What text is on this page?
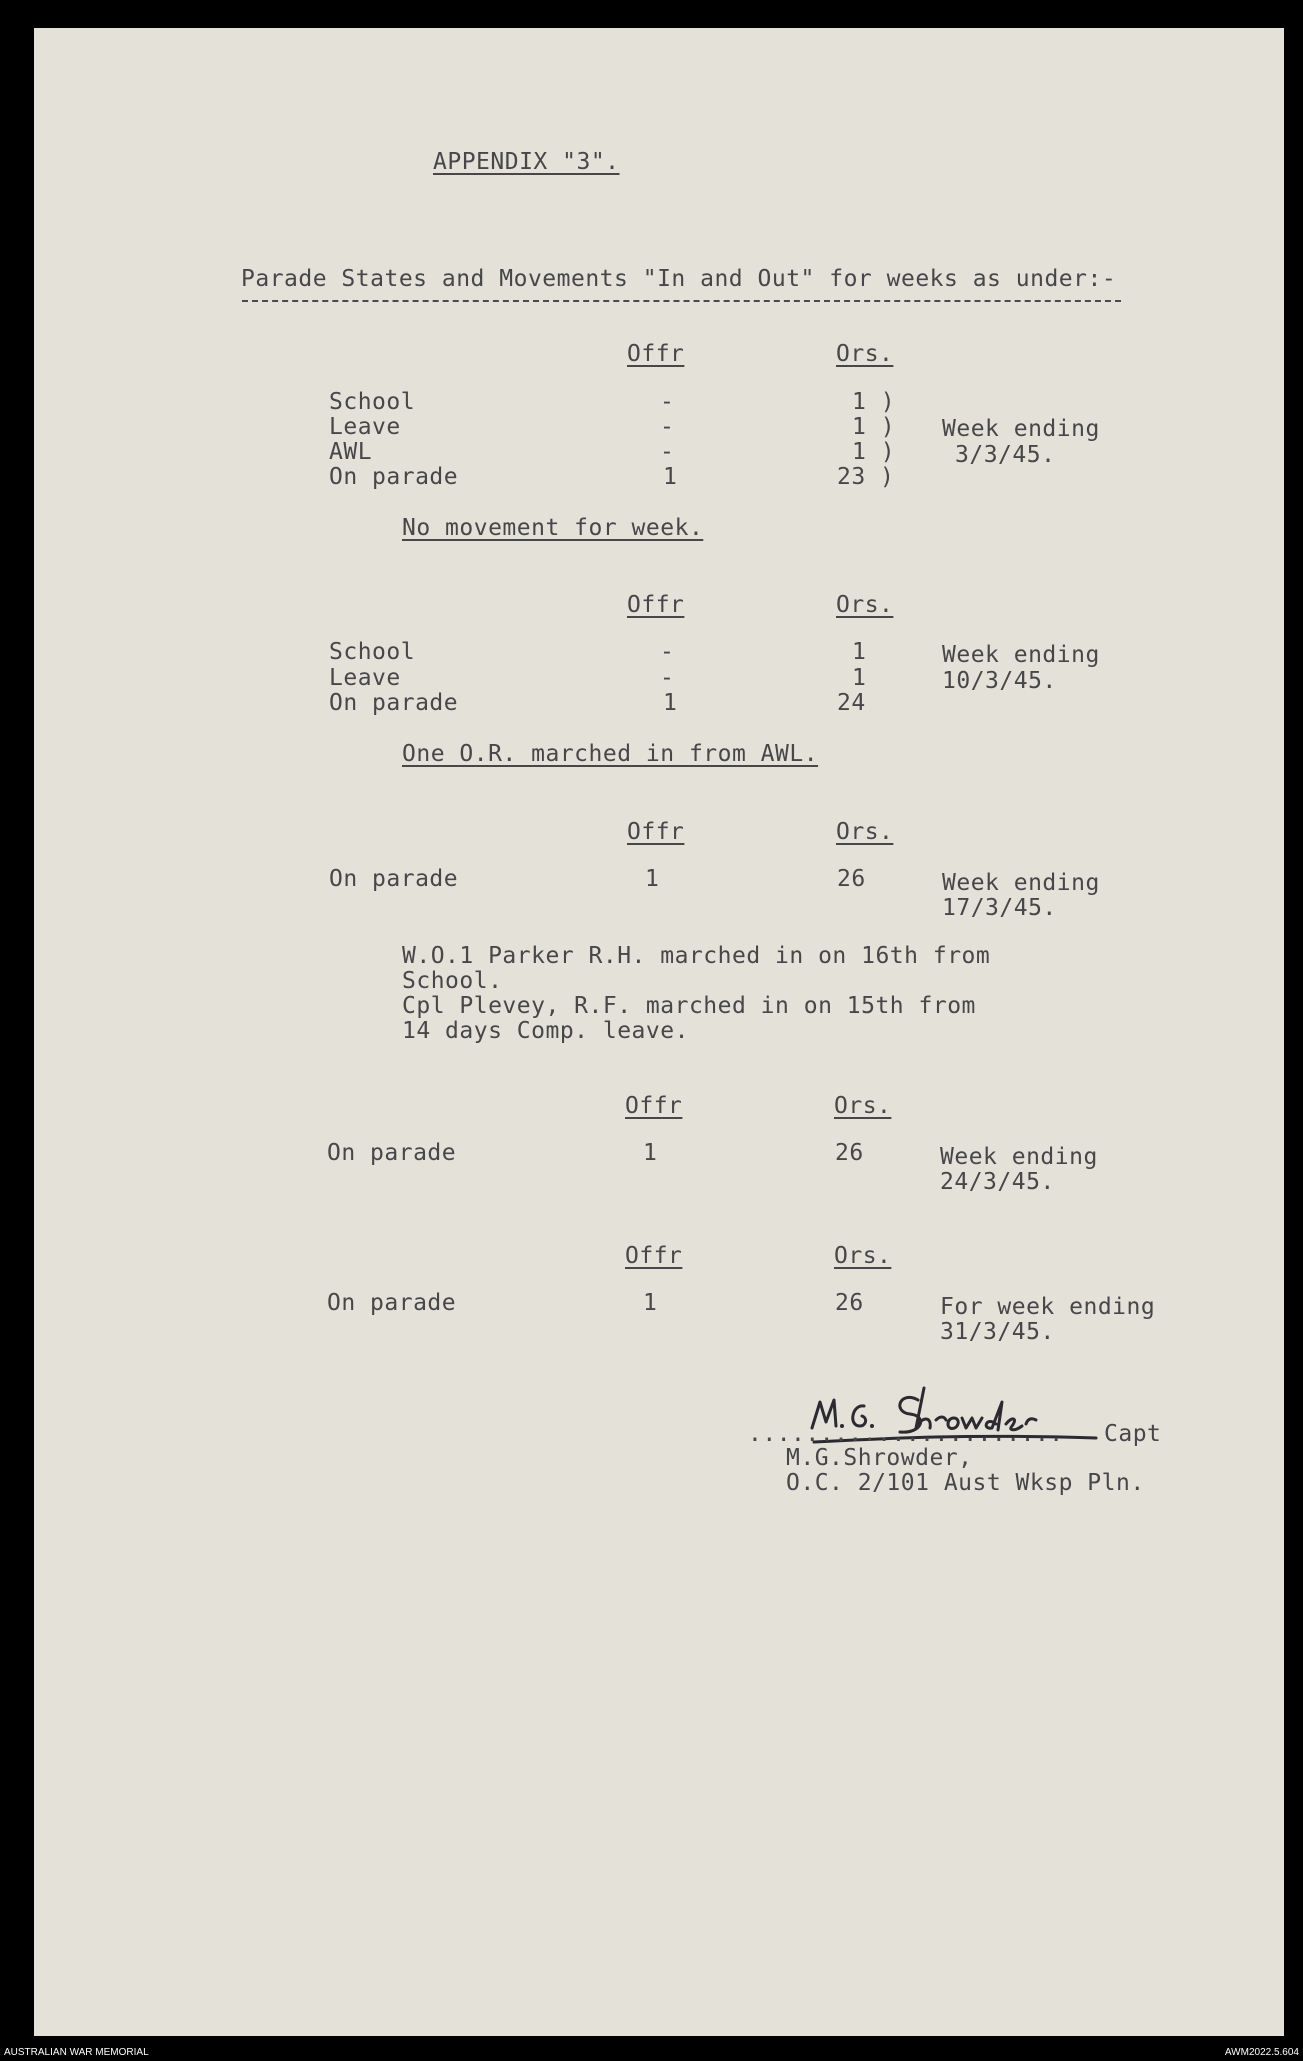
APPENDIX "3".
Parade States and Movements "In and Out" for weeks as under:-
Offr	Ors.
School	-	1 )
Leave	-	1 )
AWL	-	1 )
On parade	1	23 )
Week ending
3/3/45.
No movement for week.
Offr	Ors.
School	-	1
Leave	-	1
On parade	1	24
Week ending
10/3/45.
One O.R. marched in from AWL.
Offr	Ors.
On parade	1	26	Week ending
17/3/45.
W.O.1 Parker R.H. marched in on 16th from
School.
Cpl Plevey, R.F. marched in on 15th from
14 days Comp. leave.
Offr	Ors.
On parade	1	26	Week ending
24/3/45.
Offr	Ors.
On parade	1	26	For week ending
31/3/45.
...................... Capt
M.G.Shrowder,
O.C. 2/101 Aust Wksp Pln.
AUSTRALIAN WAR MEMORIAL	AWM2022.5.604
